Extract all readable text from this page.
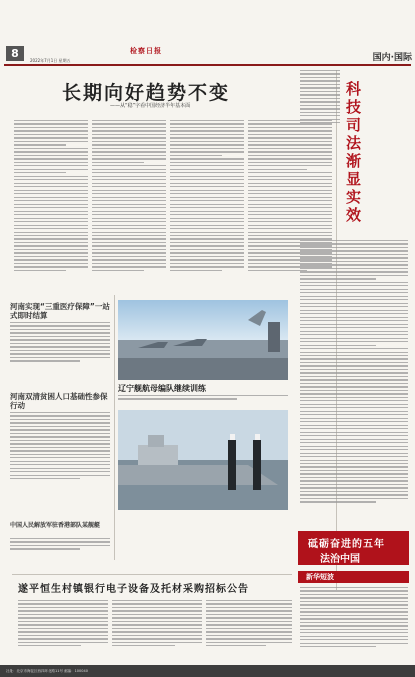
8	检察日报
2022年7月1日 星期五	国内·国际
长期向好趋势不变
——从“稳”字看中国经济半年基本面
科
技
司
法
渐
显
实
效
河南实现“三重医疗保障”一站式即时结算
河南双清贫困人口基础性参保行动
中国人民解放军驻香港部队某舰艇
辽宁舰航母编队继续训练
砥砺奋进的五年
法治中国
新华短波
遂平恒生村镇银行电子设备及托材采购招标公告
社址：北京市海淀区西四环北路11号 邮编：100040
